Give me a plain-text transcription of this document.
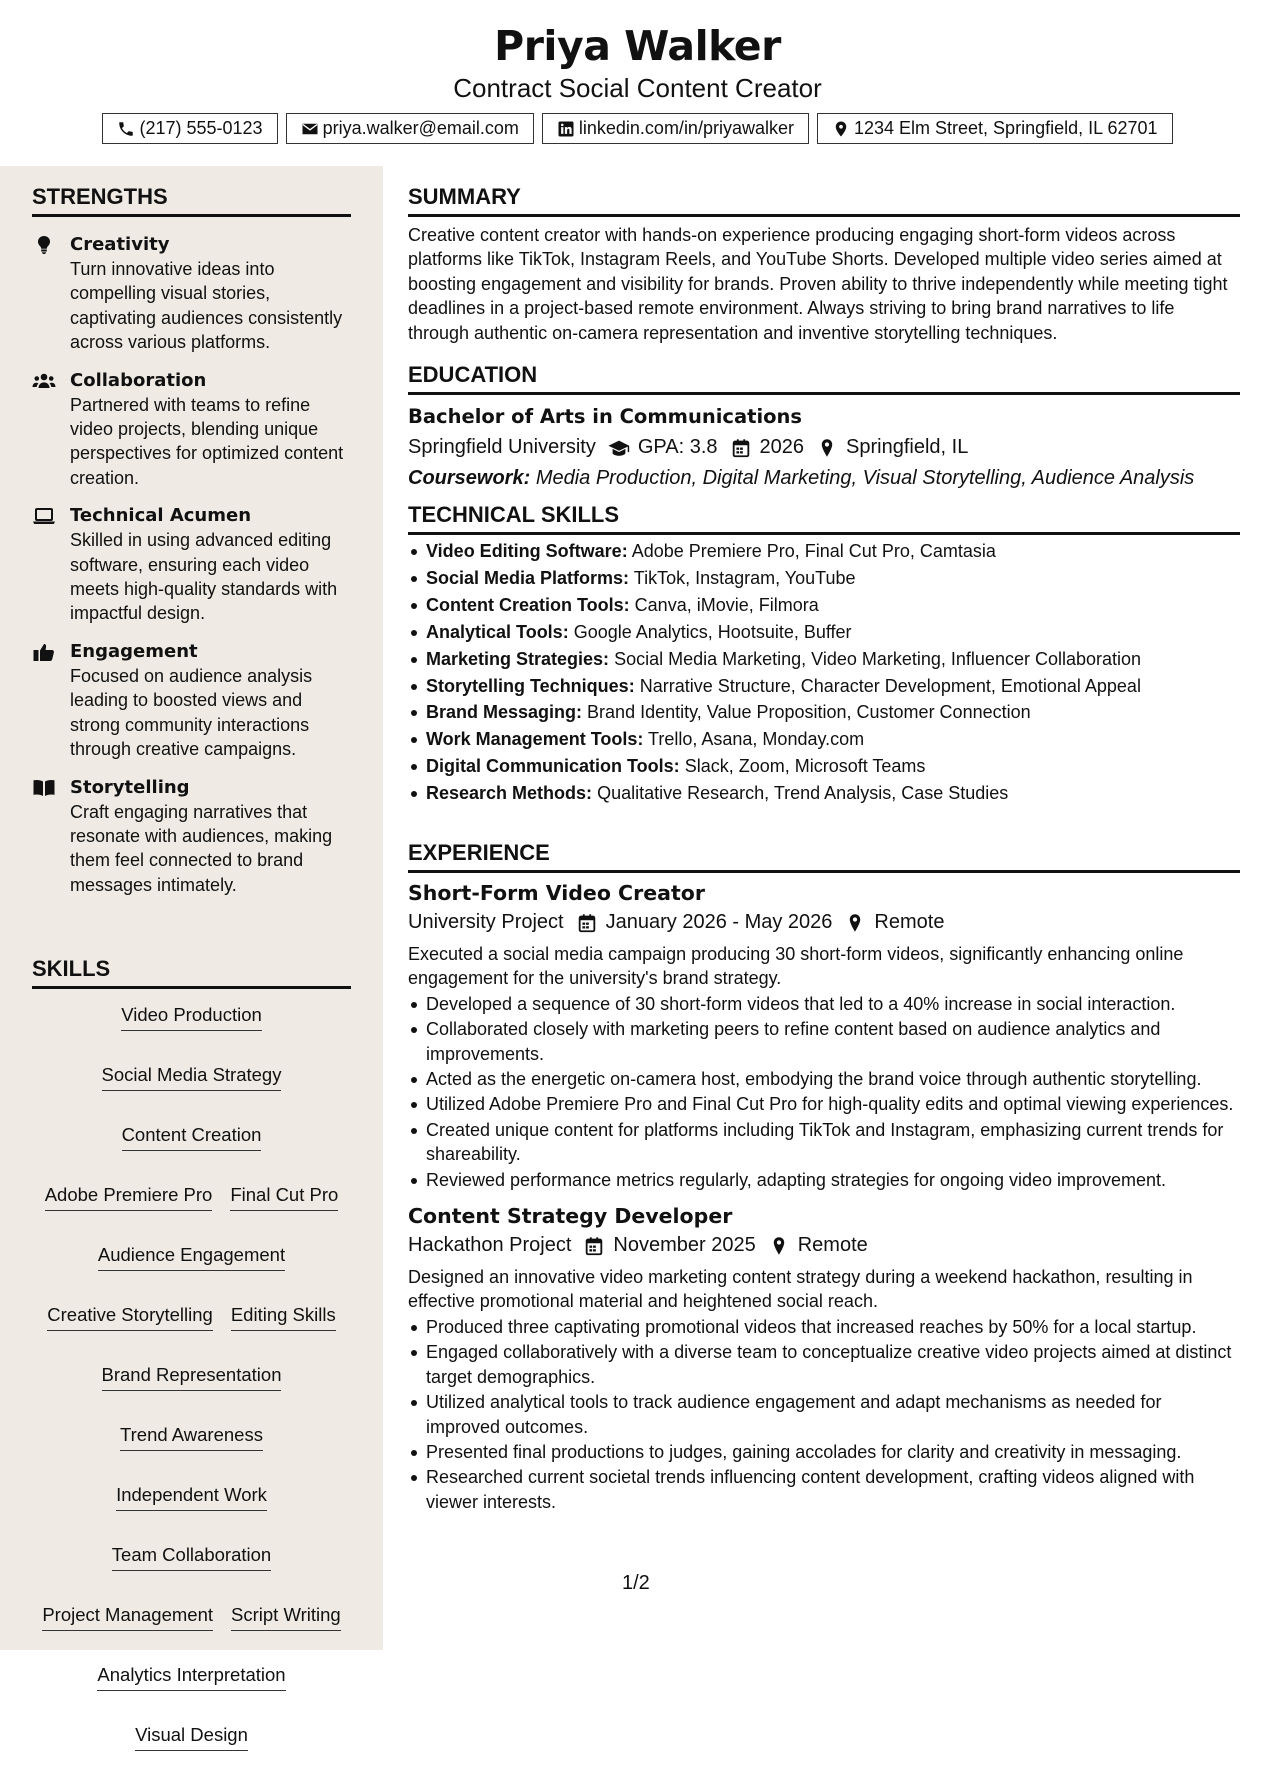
Priya Walker
Contract Social Content Creator
(217) 555-0123	priya.walker@email.com	linkedin.com/in/priyawalker	1234 Elm Street, Springfield, IL 62701
STRENGTHS
Creativity
Turn innovative ideas into compelling visual stories, captivating audiences consistently across various platforms.
Collaboration
Partnered with teams to refine video projects, blending unique perspectives for optimized content creation.
Technical Acumen
Skilled in using advanced editing software, ensuring each video meets high-quality standards with impactful design.
Engagement
Focused on audience analysis leading to boosted views and strong community interactions through creative campaigns.
Storytelling
Craft engaging narratives that resonate with audiences, making them feel connected to brand messages intimately.
SKILLS
Video Production
Social Media Strategy
Content Creation
Adobe Premiere Pro Final Cut Pro
Audience Engagement
Creative Storytelling Editing Skills
Brand Representation
Trend Awareness
Independent Work
Team Collaboration
Project Management Script Writing
Analytics Interpretation
Visual Design
SUMMARY
Creative content creator with hands-on experience producing engaging short-form videos across platforms like TikTok, Instagram Reels, and YouTube Shorts. Developed multiple video series aimed at boosting engagement and visibility for brands. Proven ability to thrive independently while meeting tight deadlines in a project-based remote environment. Always striving to bring brand narratives to life through authentic on-camera representation and inventive storytelling techniques.
EDUCATION
Bachelor of Arts in Communications
Springfield University GPA: 3.8 2026 Springfield, IL
Coursework: Media Production, Digital Marketing, Visual Storytelling, Audience Analysis
TECHNICAL SKILLS
Video Editing Software: Adobe Premiere Pro, Final Cut Pro, Camtasia
Social Media Platforms: TikTok, Instagram, YouTube
Content Creation Tools: Canva, iMovie, Filmora
Analytical Tools: Google Analytics, Hootsuite, Buffer
Marketing Strategies: Social Media Marketing, Video Marketing, Influencer Collaboration
Storytelling Techniques: Narrative Structure, Character Development, Emotional Appeal
Brand Messaging: Brand Identity, Value Proposition, Customer Connection
Work Management Tools: Trello, Asana, Monday.com
Digital Communication Tools: Slack, Zoom, Microsoft Teams
Research Methods: Qualitative Research, Trend Analysis, Case Studies
EXPERIENCE
Short-Form Video Creator
University Project January 2026 - May 2026 Remote
Executed a social media campaign producing 30 short-form videos, significantly enhancing online engagement for the university's brand strategy.
Developed a sequence of 30 short-form videos that led to a 40% increase in social interaction.
Collaborated closely with marketing peers to refine content based on audience analytics and improvements.
Acted as the energetic on-camera host, embodying the brand voice through authentic storytelling.
Utilized Adobe Premiere Pro and Final Cut Pro for high-quality edits and optimal viewing experiences.
Created unique content for platforms including TikTok and Instagram, emphasizing current trends for shareability.
Reviewed performance metrics regularly, adapting strategies for ongoing video improvement.
Content Strategy Developer
Hackathon Project November 2025 Remote
Designed an innovative video marketing content strategy during a weekend hackathon, resulting in effective promotional material and heightened social reach.
Produced three captivating promotional videos that increased reaches by 50% for a local startup.
Engaged collaboratively with a diverse team to conceptualize creative video projects aimed at distinct target demographics.
Utilized analytical tools to track audience engagement and adapt mechanisms as needed for improved outcomes.
Presented final productions to judges, gaining accolades for clarity and creativity in messaging.
Researched current societal trends influencing content development, crafting videos aligned with viewer interests.
1/2
